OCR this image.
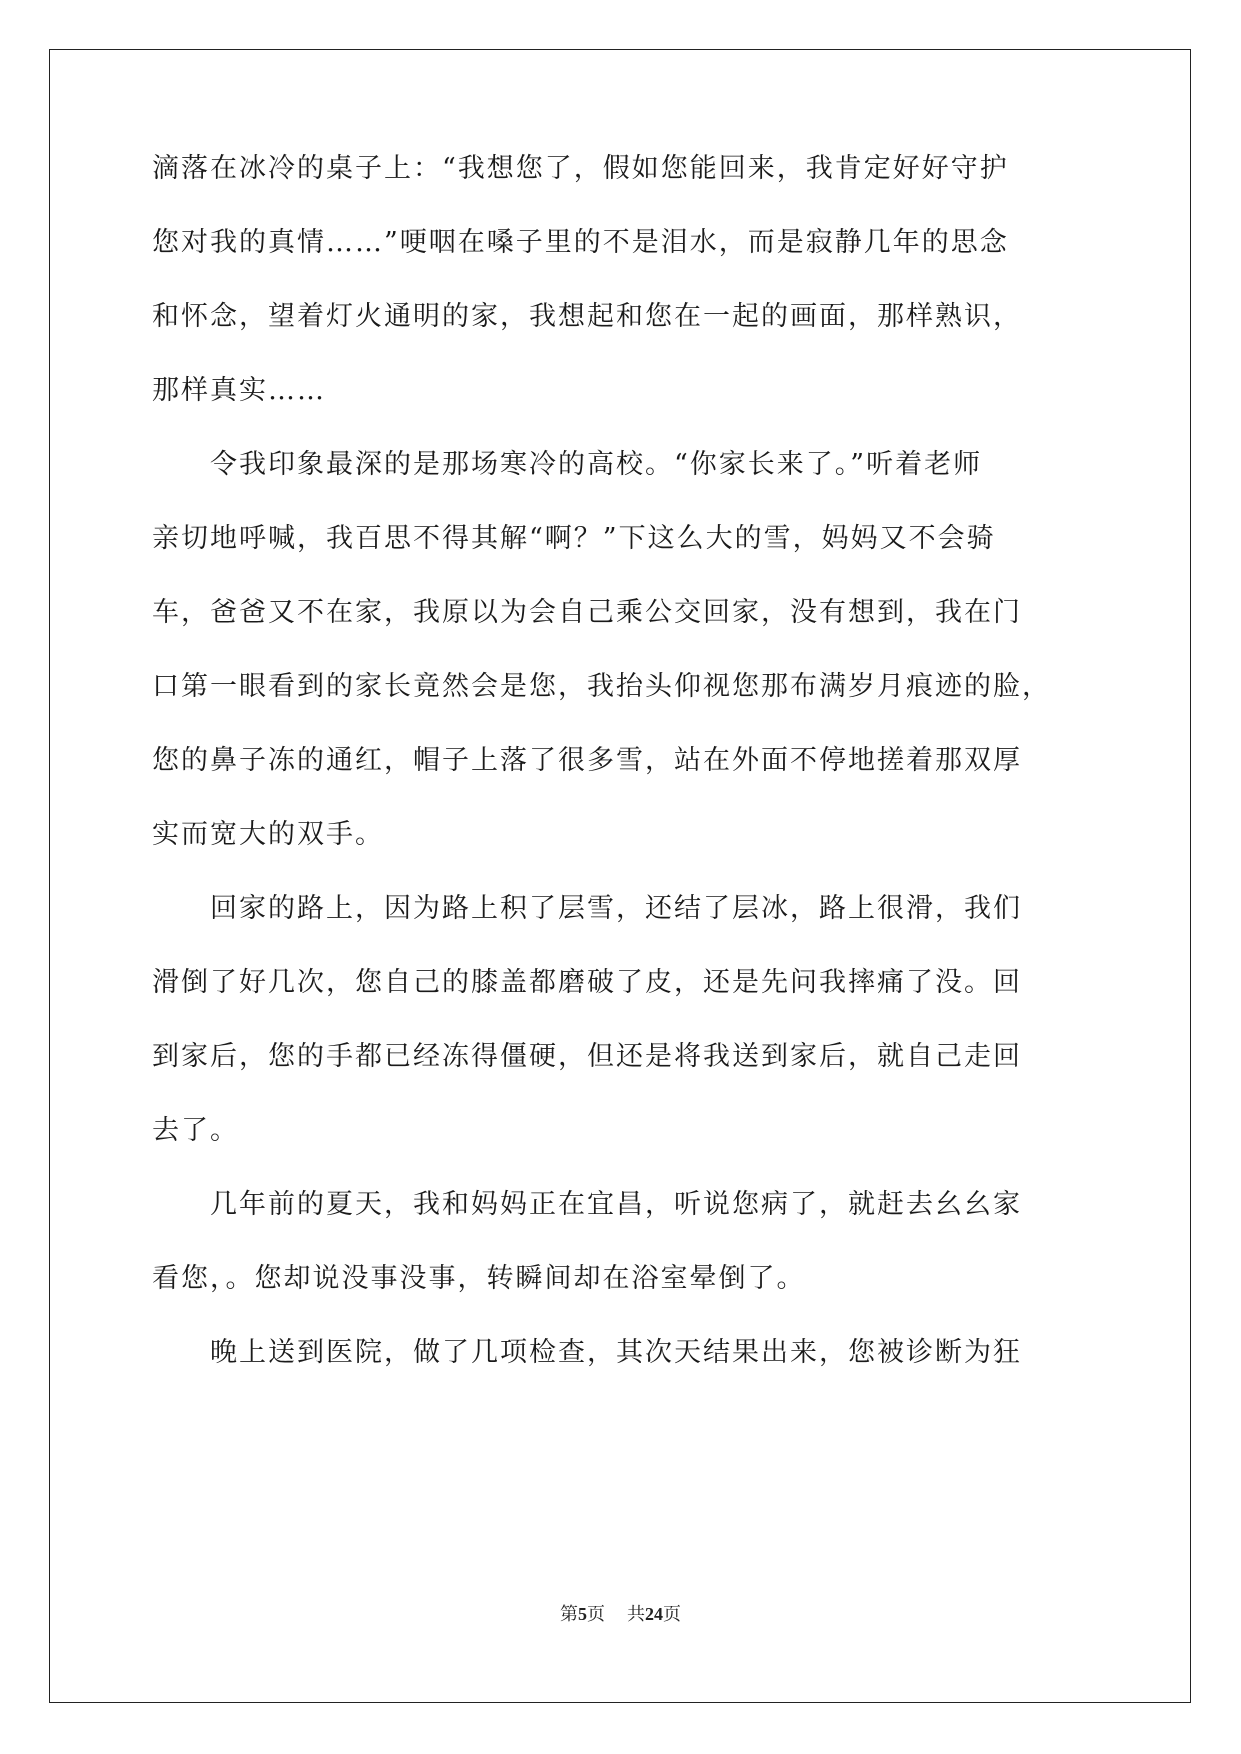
滴落在冰冷的桌子上：“我想您了，假如您能回来，我肯定好好守护
您对我的真情……”哽咽在嗓子里的不是泪水，而是寂静几年的思念
和怀念，望着灯火通明的家，我想起和您在一起的画面，那样熟识，
那样真实……
　　令我印象最深的是那场寒冷的高校。“你家长来了。”听着老师
亲切地呼喊，我百思不得其解“啊？”下这么大的雪，妈妈又不会骑
车，爸爸又不在家，我原以为会自己乘公交回家，没有想到，我在门
口第一眼看到的家长竟然会是您，我抬头仰视您那布满岁月痕迹的脸，
您的鼻子冻的通红，帽子上落了很多雪，站在外面不停地搓着那双厚
实而宽大的双手。
　　回家的路上，因为路上积了层雪，还结了层冰，路上很滑，我们
滑倒了好几次，您自己的膝盖都磨破了皮，还是先问我摔痛了没。回
到家后，您的手都已经冻得僵硬，但还是将我送到家后，就自己走回
去了。
　　几年前的夏天，我和妈妈正在宜昌，听说您病了，就赶去幺幺家
看您，。您却说没事没事，转瞬间却在浴室晕倒了。
　　晚上送到医院，做了几项检查，其次天结果出来，您被诊断为狂
第5页 共24页
